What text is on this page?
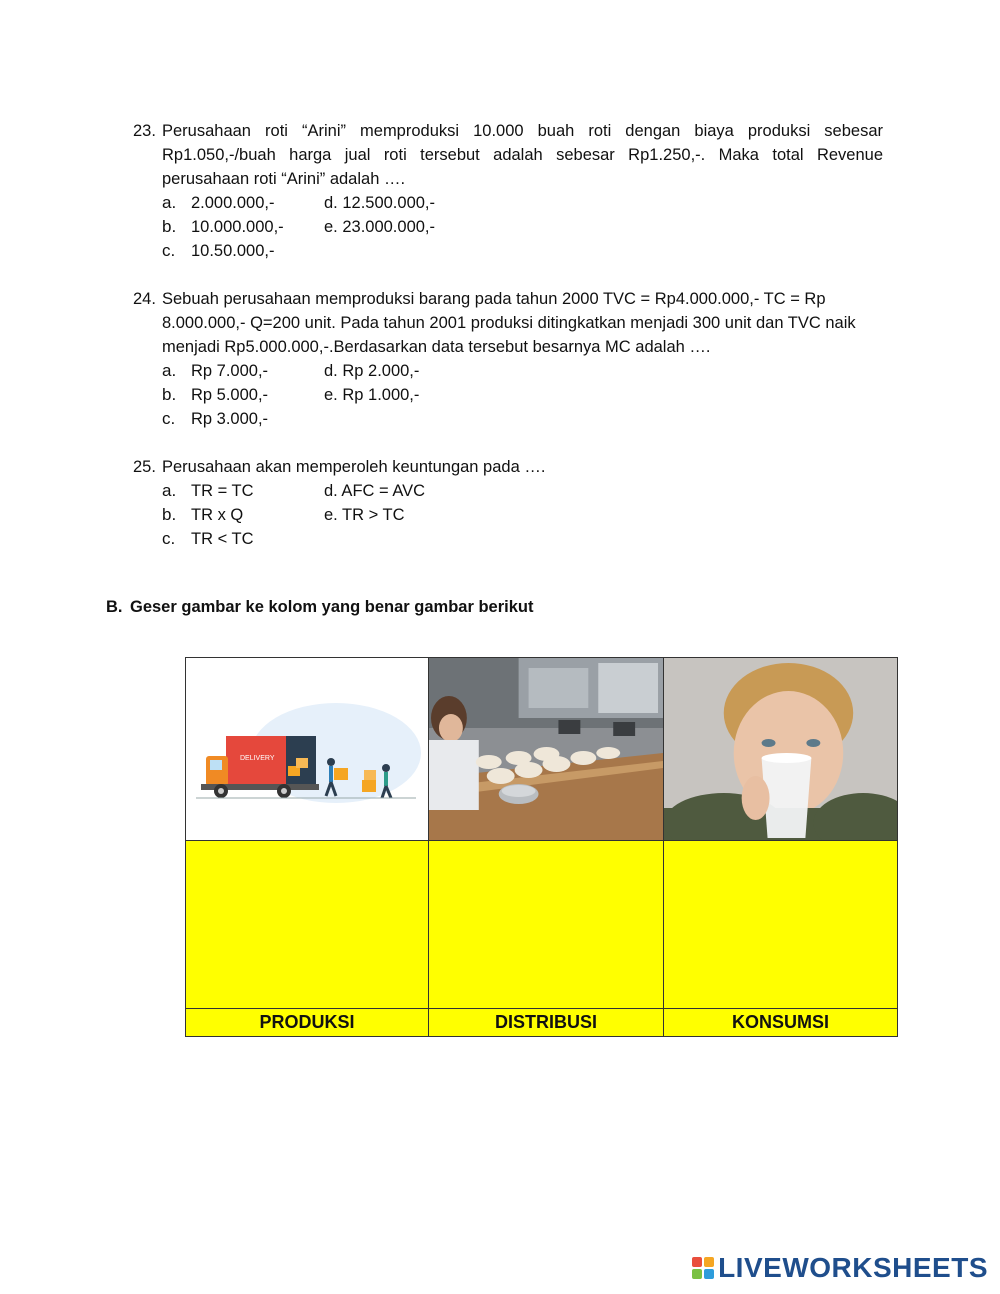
23. Perusahaan roti “Arini” memproduksi 10.000 buah roti dengan biaya produksi sebesar Rp1.050,-/buah harga jual roti tersebut adalah sebesar Rp1.250,-. Maka total Revenue perusahaan roti “Arini” adalah ….
a. 2.000.000,-	d. 12.500.000,-
b. 10.000.000,- e. 23.000.000,-
c. 10.50.000,-
24. Sebuah perusahaan memproduksi barang pada tahun 2000 TVC = Rp4.000.000,- TC = Rp 8.000.000,- Q=200 unit. Pada tahun 2001 produksi ditingkatkan menjadi 300 unit dan TVC naik menjadi Rp5.000.000,-.Berdasarkan data tersebut besarnya MC adalah ….
a. Rp 7.000,-	d. Rp 2.000,-
b. Rp 5.000,-	e. Rp 1.000,-
c. Rp 3.000,-
25. Perusahaan akan memperoleh keuntungan pada ….
a. TR = TC	d. AFC = AVC
b. TR x Q	e. TR > TC
c. TR < TC
B. Geser gambar ke kolom yang benar gambar berikut
DELIVERY
PRODUKSI	DISTRIBUSI	KONSUMSI
LIVEWORKSHEETS
